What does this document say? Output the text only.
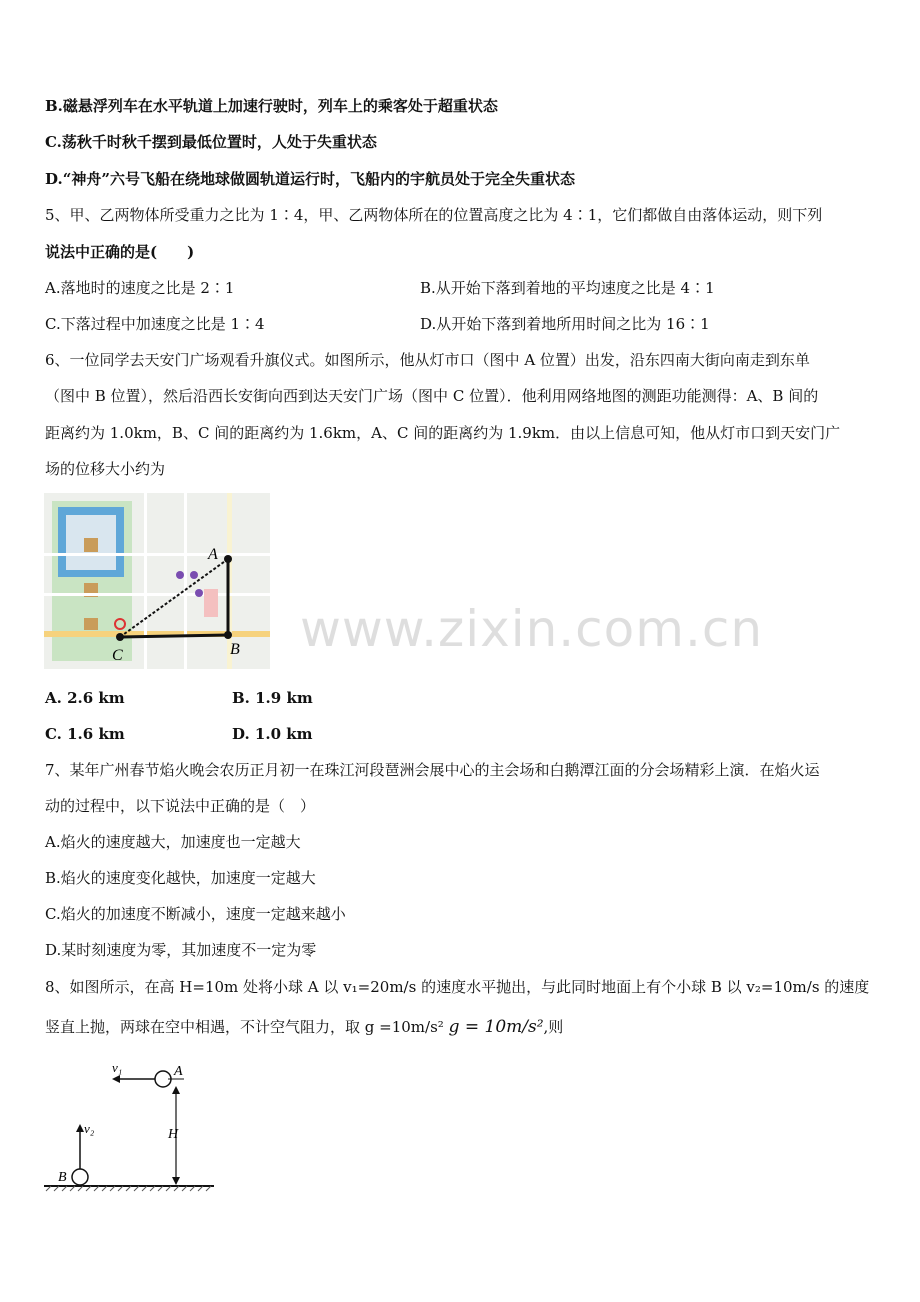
B.磁悬浮列车在水平轨道上加速行驶时，列车上的乘客处于超重状态
C.荡秋千时秋千摆到最低位置时，人处于失重状态
D.“神舟”六号飞船在绕地球做圆轨道运行时，飞船内的宇航员处于完全失重状态
5、甲、乙两物体所受重力之比为 1∶4，甲、乙两物体所在的位置高度之比为 4∶1，它们都做自由落体运动，则下列
说法中正确的是(　　)
A.落地时的速度之比是 2∶1	B.从开始下落到着地的平均速度之比是 4∶1
C.下落过程中加速度之比是 1∶4	D.从开始下落到着地所用时间之比为 16∶1
6、一位同学去天安门广场观看升旗仪式。如图所示，他从灯市口（图中 A 位置）出发，沿东四南大街向南走到东单
（图中 B 位置），然后沿西长安街向西到达天安门广场（图中 C 位置）．他利用网络地图的测距功能测得：A、B 间的
距离约为 1.0km，B、C 间的距离约为 1.6km，A、C 间的距离约为 1.9km．由以上信息可知，他从灯市口到天安门广
场的位移大小约为
A
B
C	www.zixin.com.cn
A. 2.6 km	B. 1.9 km
C. 1.6 km	D. 1.0 km
7、某年广州春节焰火晚会农历正月初一在珠江河段琶洲会展中心的主会场和白鹅潭江面的分会场精彩上演．在焰火运
动的过程中，以下说法中正确的是（　）
A.焰火的速度越大，加速度也一定越大
B.焰火的速度变化越快，加速度一定越大
C.焰火的加速度不断减小，速度一定越来越小
D.某时刻速度为零，其加速度不一定为零
8、如图所示，在高 H=10m 处将小球 A 以 v₁=20m/s 的速度水平抛出，与此同时地面上有个小球 B 以 v₂=10m/s 的速度
竖直上抛，两球在空中相遇，不计空气阻力，取 g =10m/s² g = 10m/s²,则
v₁	A
H
v₂
B
